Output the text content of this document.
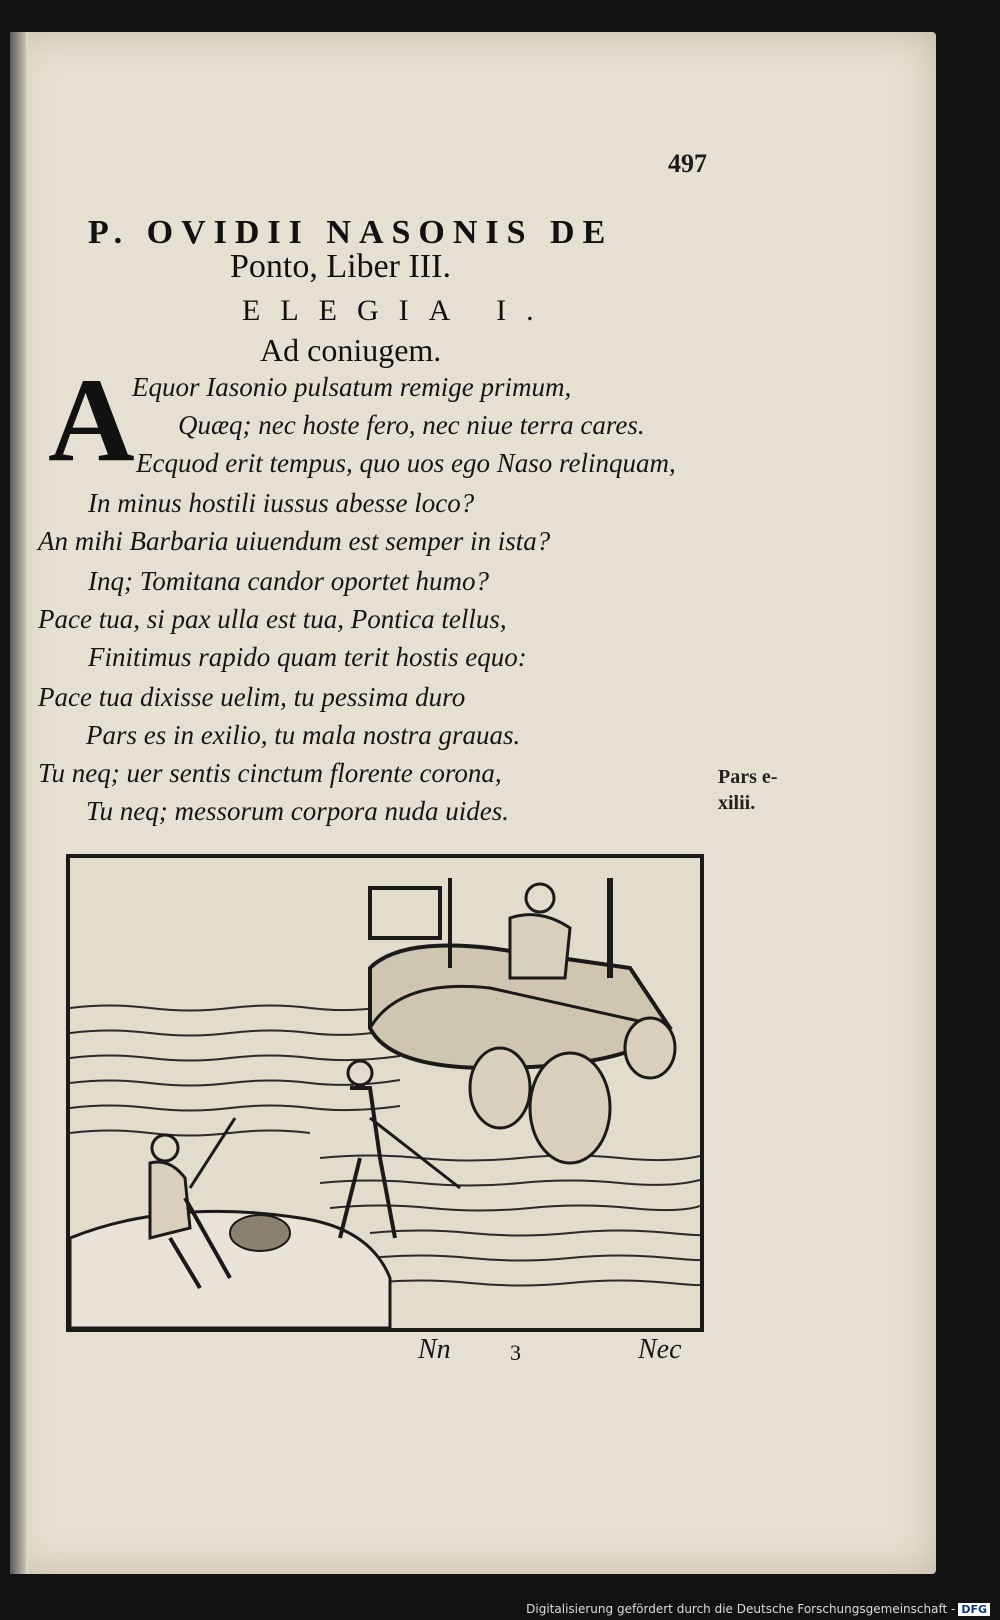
497
P. OVIDII NASONIS DE
Ponto, Liber III.
ELEGIA I.
Ad coniugem.
A
Equor Iasonio pulsatum remige primum,
Quæq; nec hoste fero, nec niue terra cares.
Ecquod erit tempus, quo uos ego Naso relinquam,
In minus hostili iussus abesse loco?
An mihi Barbaria uiuendum est semper in ista?
Inq; Tomitana candor oportet humo?
Pace tua, si pax ulla est tua, Pontica tellus,
Finitimus rapido quam terit hostis equo:
Pace tua dixisse uelim, tu pessima duro
Pars es in exilio, tu mala nostra grauas.
Tu neq; uer sentis cinctum florente corona,
Tu neq; messorum corpora nuda uides.
Pars e-xilii.
Nn	3	Nec
Digitalisierung gefördert durch die Deutsche Forschungsgemeinschaft - DFG
